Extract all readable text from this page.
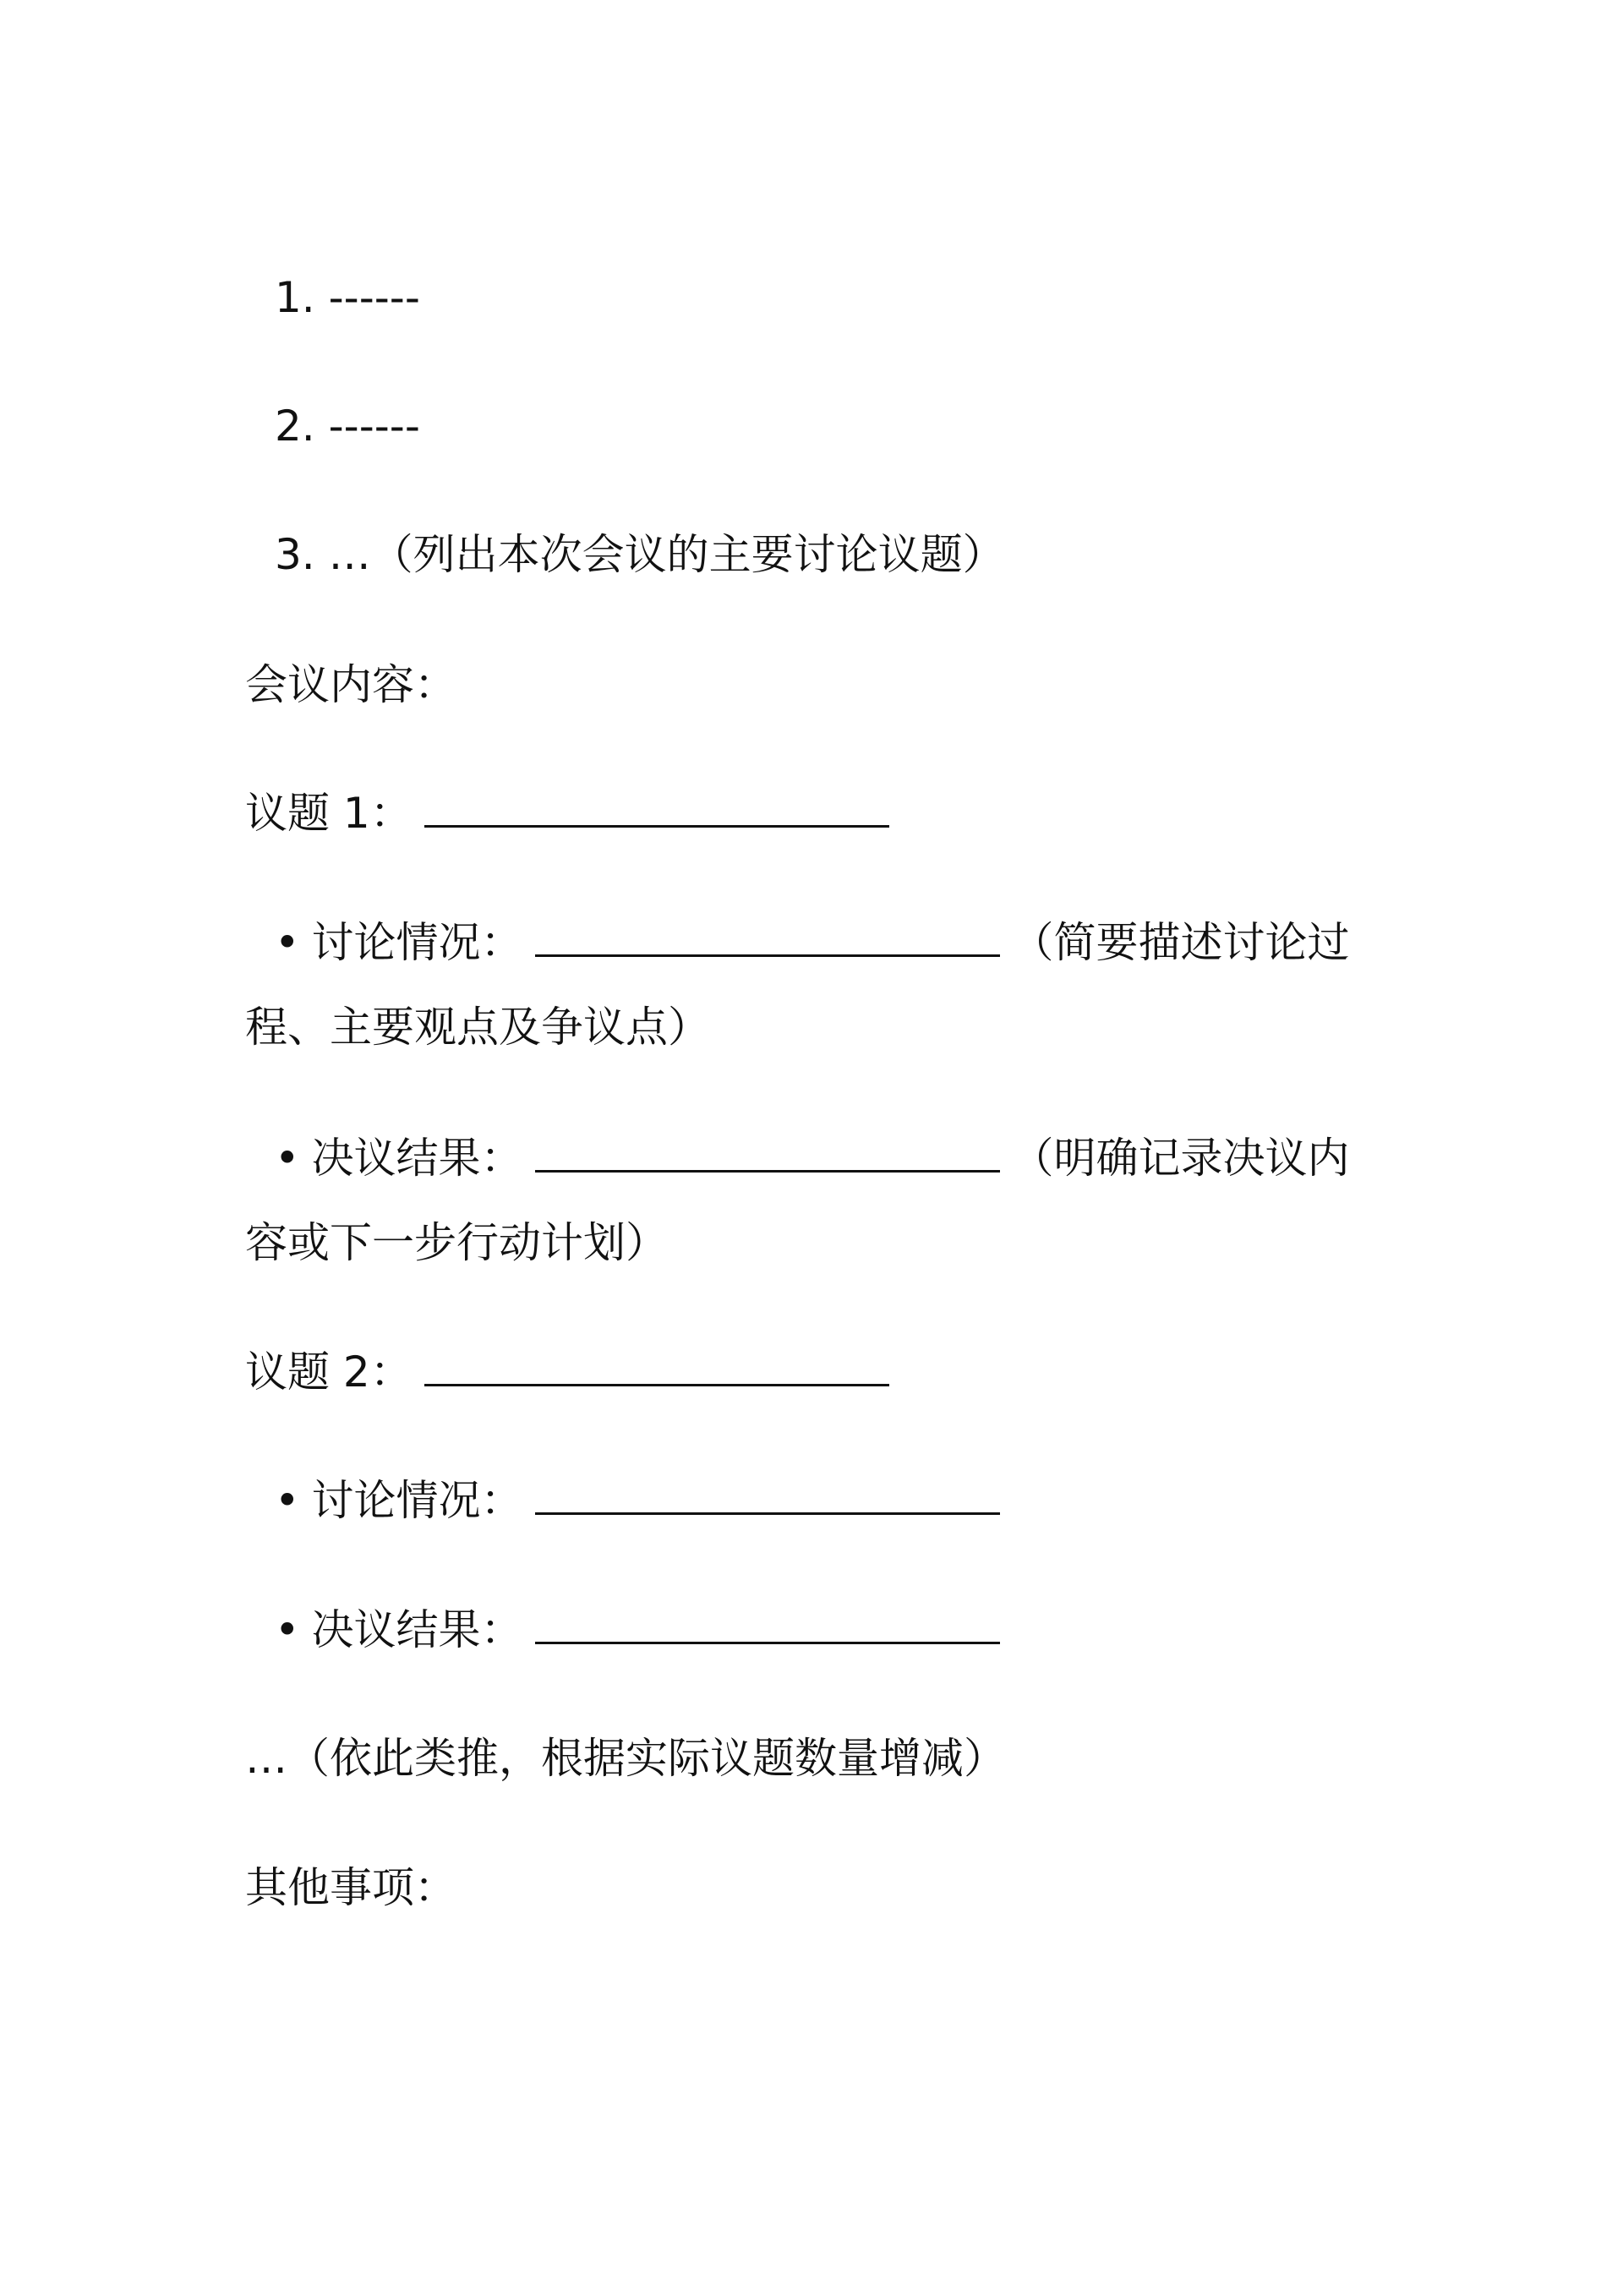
1. ------
2. ------
3. …（列出本次会议的主要讨论议题）
会议内容：
议题 1：
• 讨论情况：	（简要描述讨论过
程、主要观点及争议点）
• 决议结果：	（明确记录决议内
容或下一步行动计划）
议题 2：
• 讨论情况：
• 决议结果：
…（依此类推，根据实际议题数量增减）
其他事项：
